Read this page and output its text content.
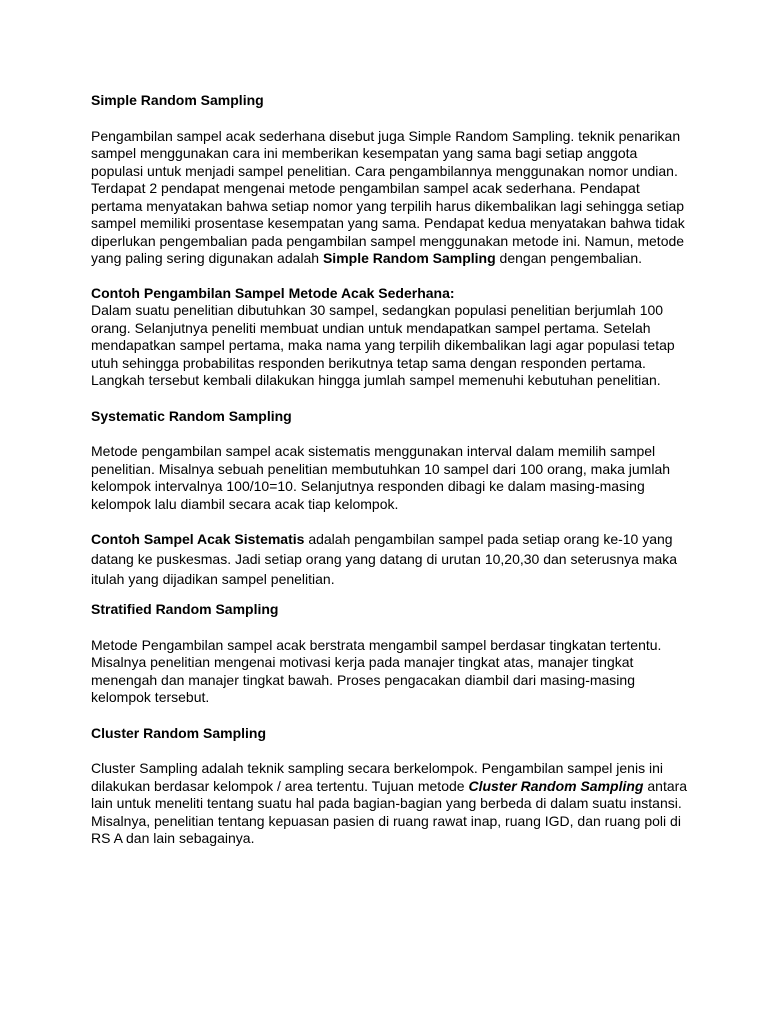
Simple Random Sampling

Pengambilan sampel acak sederhana disebut juga Simple Random Sampling. teknik penarikan sampel menggunakan cara ini memberikan kesempatan yang sama bagi setiap anggota populasi untuk menjadi sampel penelitian. Cara pengambilannya menggunakan nomor undian.

Terdapat 2 pendapat mengenai metode pengambilan sampel acak sederhana. Pendapat pertama menyatakan bahwa setiap nomor yang terpilih harus dikembalikan lagi sehingga setiap sampel memiliki prosentase kesempatan yang sama. Pendapat kedua menyatakan bahwa tidak diperlukan pengembalian pada pengambilan sampel menggunakan metode ini. Namun, metode yang paling sering digunakan adalah Simple Random Sampling dengan pengembalian.

Contoh Pengambilan Sampel Metode Acak Sederhana:

Dalam suatu penelitian dibutuhkan 30 sampel, sedangkan populasi penelitian berjumlah 100 orang. Selanjutnya peneliti membuat undian untuk mendapatkan sampel pertama. Setelah mendapatkan sampel pertama, maka nama yang terpilih dikembalikan lagi agar populasi tetap utuh sehingga probabilitas responden berikutnya tetap sama dengan responden pertama. Langkah tersebut kembali dilakukan hingga jumlah sampel memenuhi kebutuhan penelitian.

Systematic Random Sampling

Metode pengambilan sampel acak sistematis menggunakan interval dalam memilih sampel penelitian. Misalnya sebuah penelitian membutuhkan 10 sampel dari 100 orang, maka jumlah kelompok intervalnya 100/10=10. Selanjutnya responden dibagi ke dalam masing-masing kelompok lalu diambil secara acak tiap kelompok.

Contoh Sampel Acak Sistematis adalah pengambilan sampel pada setiap orang ke-10 yang datang ke puskesmas. Jadi setiap orang yang datang di urutan 10,20,30 dan seterusnya maka itulah yang dijadikan sampel penelitian.

Stratified Random Sampling

Metode Pengambilan sampel acak berstrata mengambil sampel berdasar tingkatan tertentu. Misalnya penelitian mengenai motivasi kerja pada manajer tingkat atas, manajer tingkat menengah dan manajer tingkat bawah. Proses pengacakan diambil dari masing-masing kelompok tersebut.

Cluster Random Sampling

Cluster Sampling adalah teknik sampling secara berkelompok. Pengambilan sampel jenis ini dilakukan berdasar kelompok / area tertentu. Tujuan metode Cluster Random Sampling antara lain untuk meneliti tentang suatu hal pada bagian-bagian yang berbeda di dalam suatu instansi.

Misalnya, penelitian tentang kepuasan pasien di ruang rawat inap, ruang IGD, dan ruang poli di RS A dan lain sebagainya.
